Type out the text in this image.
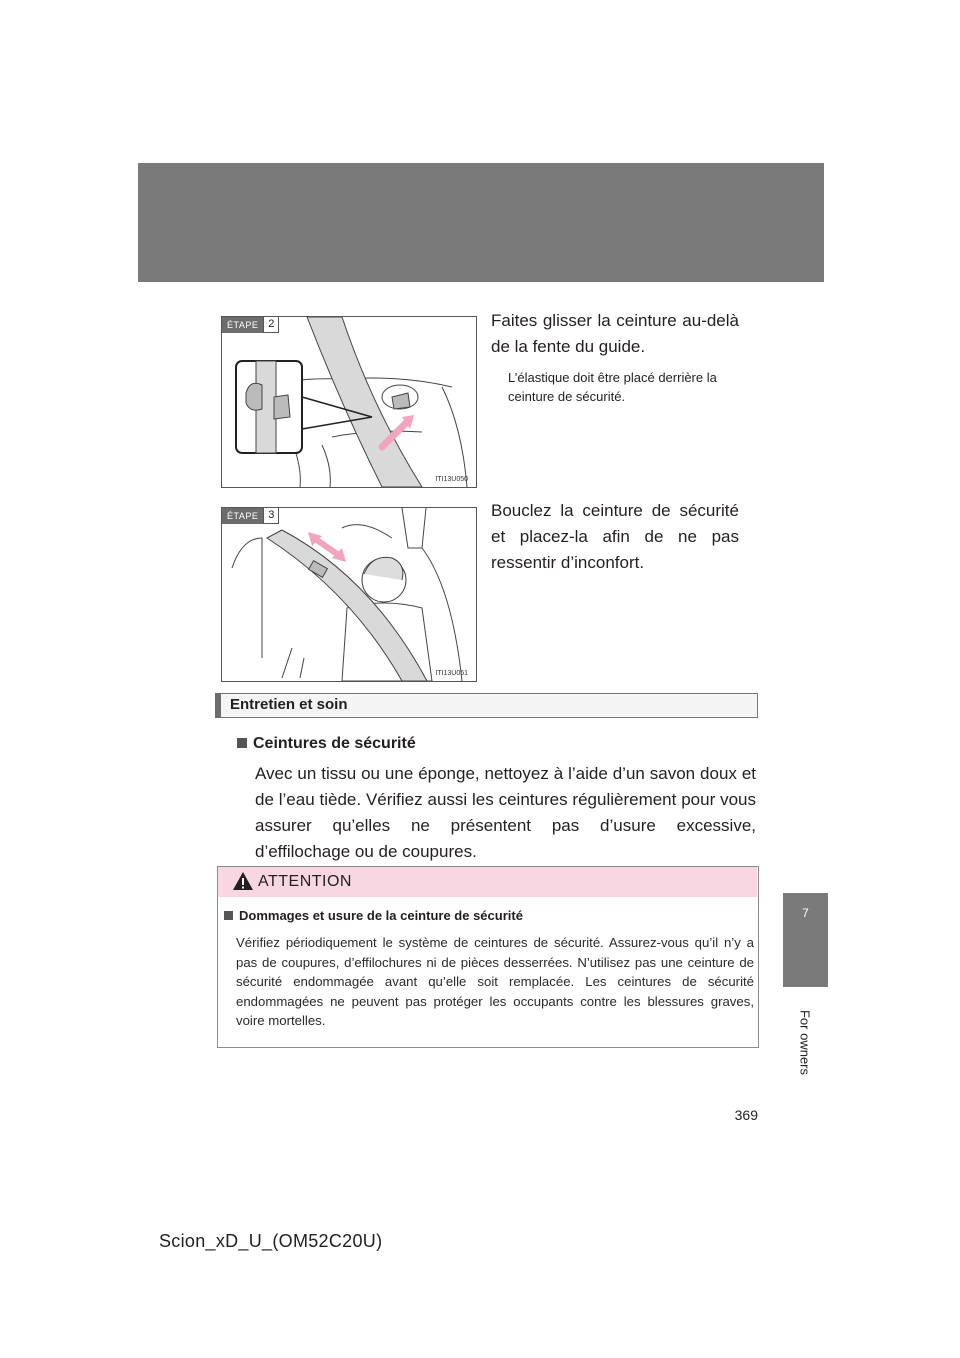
7
For owners
ÉTAPE 2
ITI13U050
Faites glisser la ceinture au-delà de la fente du guide.
L’élastique doit être placé derrière la ceinture de sécurité.
ÉTAPE 3
ITI13U051
Bouclez la ceinture de sécurité et placez-la afin de ne pas ressentir d’inconfort.
Entretien et soin
Ceintures de sécurité
Avec un tissu ou une éponge, nettoyez à l’aide d’un savon doux et de l’eau tiède. Vérifiez aussi les ceintures régulièrement pour vous assurer qu’elles ne présentent pas d’usure excessive, d’effilochage ou de coupures.
ATTENTION
Dommages et usure de la ceinture de sécurité
Vérifiez périodiquement le système de ceintures de sécurité. Assurez-vous qu’il n’y a pas de coupures, d’effilochures ni de pièces desserrées. N’utilisez pas une ceinture de sécurité endommagée avant qu’elle soit remplacée. Les ceintures de sécurité endommagées ne peuvent pas protéger les occupants contre les blessures graves, voire mortelles.
369
Scion_xD_U_(OM52C20U)
